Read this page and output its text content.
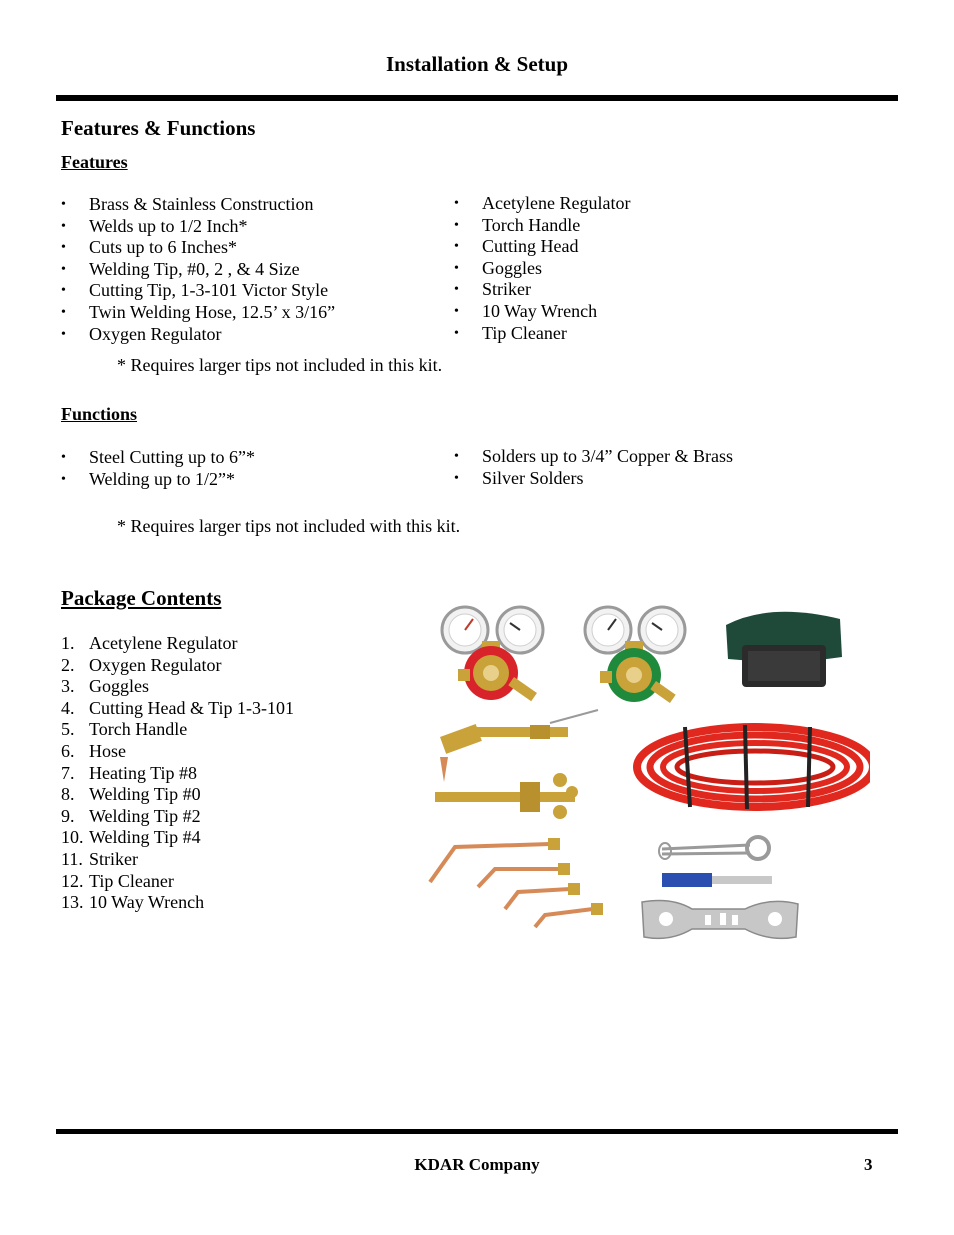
Installation & Setup
Features & Functions
Features
•	Brass & Stainless Construction
•	Welds up to 1/2 Inch*
•	Cuts up to 6 Inches*
•	Welding Tip, #0, 2 , & 4 Size
•	Cutting Tip, 1-3-101 Victor Style
•	Twin Welding Hose, 12.5’ x 3/16”
•	Oxygen Regulator
•	Acetylene Regulator
•	Torch Handle
•	Cutting Head
•	Goggles
•	Striker
•	10 Way Wrench
•	Tip Cleaner
* Requires larger tips not included in this kit.
Functions
•	Steel Cutting up to 6”*
•	Welding up to 1/2”*
•	Solders up to 3/4” Copper & Brass
•	Silver Solders
* Requires larger tips not included with this kit.
Package Contents
1. Acetylene Regulator
2. Oxygen Regulator
3. Goggles
4. Cutting Head & Tip 1-3-101
5. Torch Handle
6. Hose
7. Heating Tip #8
8. Welding Tip #0
9. Welding Tip #2
10. Welding Tip #4
11. Striker
12. Tip Cleaner
13. 10 Way Wrench
KDAR Company	3
